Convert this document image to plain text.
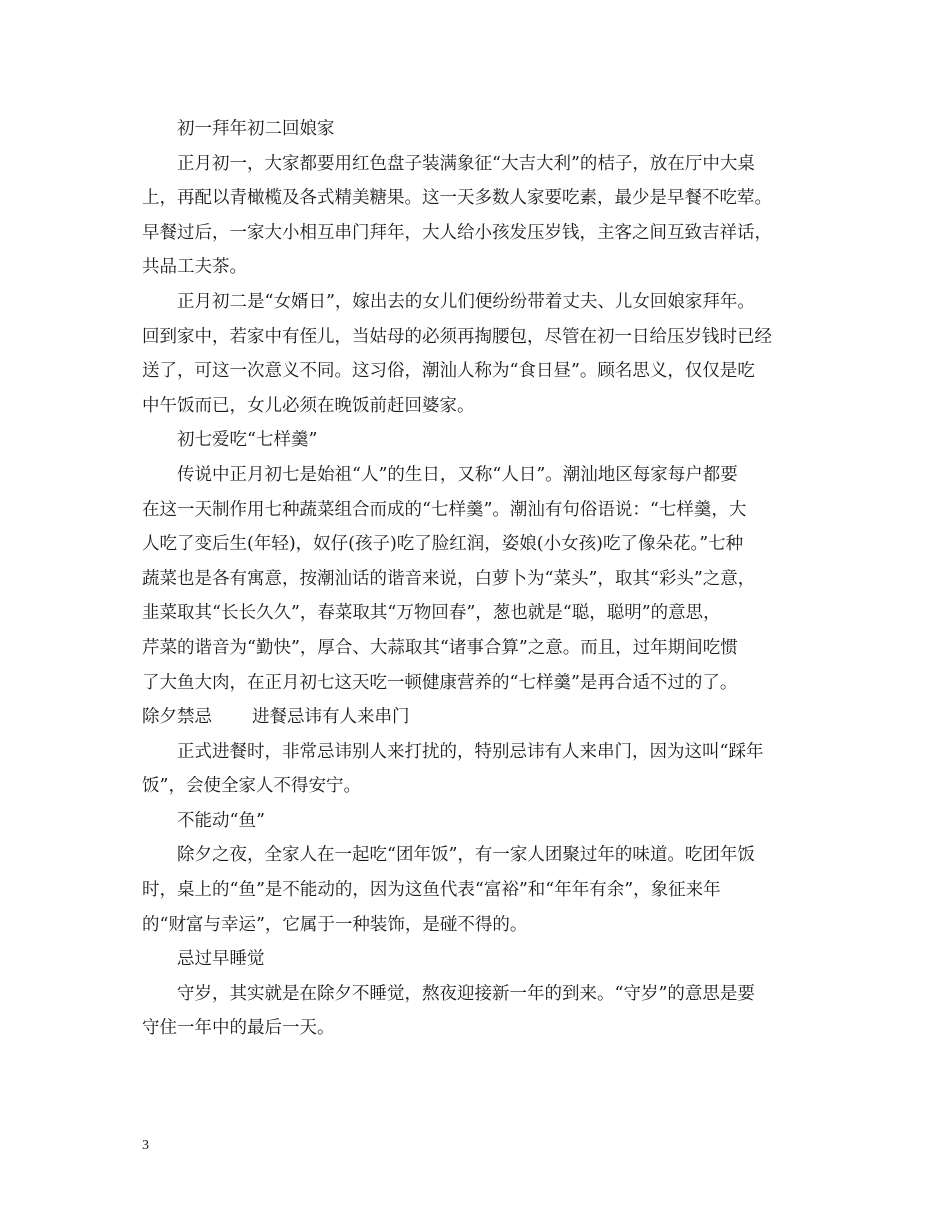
初一拜年初二回娘家

正月初一，大家都要用红色盘子装满象征“大吉大利”的桔子，放在厅中大桌

上，再配以青橄榄及各式精美糖果。这一天多数人家要吃素，最少是早餐不吃荤。

早餐过后，一家大小相互串门拜年，大人给小孩发压岁钱，主客之间互致吉祥话，

共品工夫茶。

正月初二是“女婿日”，嫁出去的女儿们便纷纷带着丈夫、儿女回娘家拜年。

回到家中，若家中有侄儿，当姑母的必须再掏腰包，尽管在初一日给压岁钱时已经

送了，可这一次意义不同。这习俗，潮汕人称为“食日昼”。顾名思义，仅仅是吃

中午饭而已，女儿必须在晚饭前赶回婆家。

初七爱吃“七样羹”

传说中正月初七是始祖“人”的生日，又称“人日”。潮汕地区每家每户都要

在这一天制作用七种蔬菜组合而成的“七样羹”。潮汕有句俗语说：“七样羹，大

人吃了变后生(年轻)，奴仔(孩子)吃了脸红润，姿娘(小女孩)吃了像朵花。”七种

蔬菜也是各有寓意，按潮汕话的谐音来说，白萝卜为“菜头”，取其“彩头”之意，

韭菜取其“长长久久”，春菜取其“万物回春”，葱也就是“聪，聪明”的意思，

芹菜的谐音为“勤快”，厚合、大蒜取其“诸事合算”之意。而且，过年期间吃惯

了大鱼大肉，在正月初七这天吃一顿健康营养的“七样羹”是再合适不过的了。

除夕禁忌 进餐忌讳有人来串门

正式进餐时，非常忌讳别人来打扰的，特别忌讳有人来串门，因为这叫“踩年

饭”，会使全家人不得安宁。

不能动“鱼”

除夕之夜，全家人在一起吃“团年饭”，有一家人团聚过年的味道。吃团年饭

时，桌上的“鱼”是不能动的，因为这鱼代表“富裕”和“年年有余”，象征来年

的“财富与幸运”，它属于一种装饰，是碰不得的。

忌过早睡觉

守岁，其实就是在除夕不睡觉，熬夜迎接新一年的到来。“守岁”的意思是要

守住一年中的最后一天。

3
